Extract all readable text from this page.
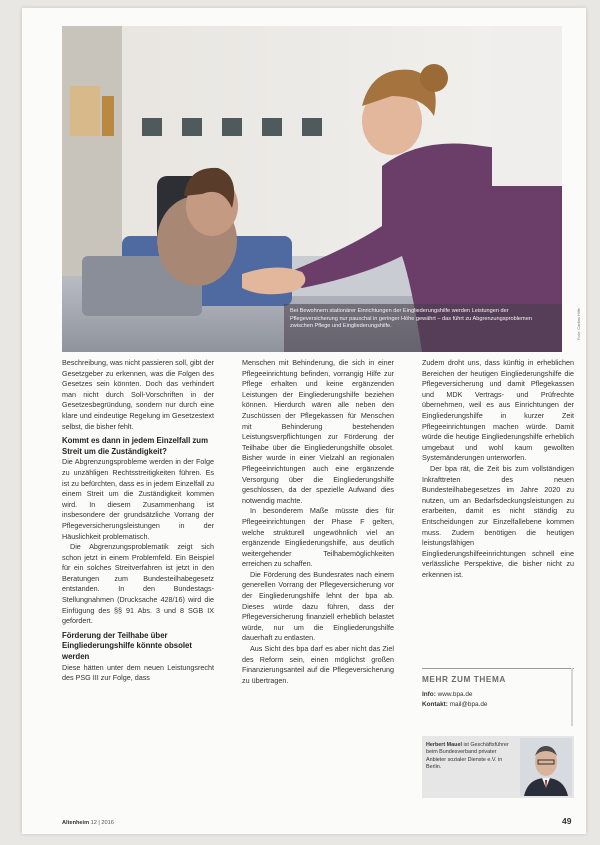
Bei Bewohnern stationärer Einrichtungen der Eingliederungshilfe werden Leistungen der Pflegeversicherung nur pauschal in geringer Höhe gewährt – das führt zu Abgrenzungsproblemen zwischen Pflege und Eingliederungshilfe.	Foto: Caritas Hilfe

Beschreibung, was nicht passieren soll, gibt der Gesetzgeber zu erkennen, was die Folgen des Gesetzes sein könnten. Doch das verhindert man nicht durch Soll-Vorschriften in der Gesetzesbegründung, sondern nur durch eine klare und eindeutige Regelung im Gesetzestext selbst, die bisher fehlt.

Kommt es dann in jedem Einzelfall zum Streit um die Zuständigkeit?

Die Abgrenzungsprobleme werden in der Folge zu unzähligen Rechtsstreitigkeiten führen. Es ist zu befürchten, dass es in jedem Einzelfall zu einem Streit um die Zuständigkeit kommen wird. In diesem Zusammenhang ist insbesondere der grundsätzliche Vorrang der Pflegeversicherungsleistungen in der Häuslichkeit problematisch.

Die Abgrenzungsproblematik zeigt sich schon jetzt in einem Problemfeld. Ein Beispiel für ein solches Streitverfahren ist jetzt in den Beratungen zum Bundesteilhabegesetz entstanden. In den Bundestags-Stellungnahmen (Drucksache 428/16) wird die Einfügung des §§ 91 Abs. 3 und 8 SGB IX gefordert.

Förderung der Teilhabe über Eingliederungshilfe könnte obsolet werden

Diese hätten unter dem neuen Leistungsrecht des PSG III zur Folge, dass

Menschen mit Behinderung, die sich in einer Pflegeeinrichtung befinden, vorrangig Hilfe zur Pflege erhalten und keine ergänzenden Leistungen der Eingliederungshilfe beziehen können. Hierdurch wären alle neben den Zuschüssen der Pflegekassen für Menschen mit Behinderung bestehenden Leistungsverpflichtungen zur Förderung der Teilhabe über die Eingliederungshilfe obsolet. Bisher wurde in einer Vielzahl an regionalen Pflegeeinrichtungen auch eine ergänzende Versorgung über die Eingliederungshilfe geschlossen, da der spezielle Aufwand dies notwendig machte.

In besonderem Maße müsste dies für Pflegeeinrichtungen der Phase F gelten, welche strukturell ungewöhnlich viel an ergänzende Eingliederungshilfe, aus deutlich weitergehender Teilhabemöglichkeiten erreichen zu schaffen.

Die Förderung des Bundesrates nach einem generellen Vorrang der Pflegeversicherung vor der Eingliederungshilfe lehnt der bpa ab. Dieses würde dazu führen, dass der Pflegeversicherung finanziell erheblich belastet würde, nur um die Eingliederungshilfe dauerhaft zu entlasten.

Aus Sicht des bpa darf es aber nicht das Ziel des Reform sein, einen möglichst großen Finanzierungsanteil auf die Pflegeversicherung zu übertragen.

Zudem droht uns, dass künftig in erheblichen Bereichen der heutigen Eingliederungshilfe die Pflegeversicherung und damit Pflegekassen und MDK Vertrags- und Prüfrechte übernehmen, weil es aus Einrichtungen der Eingliederungshilfe in kurzer Zeit Pflegeeinrichtungen machen würde. Damit würde die heutige Eingliederungshilfe erheblich umgebaut und wohl kaum gewollten Systemänderungen unterworfen.

Der bpa rät, die Zeit bis zum vollständigen Inkrafttreten des neuen Bundesteilhabegesetzes im Jahre 2020 zu nutzen, um an Bedarfsdeckungsleistungen zu erarbeiten, damit es nicht ständig zu Entscheidungen zur Einzelfallebene kommen muss. Zudem benötigen die heutigen leistungsfähigen Eingliederungshilfeeinrichtungen schnell eine verlässliche Perspektive, die bisher nicht zu erkennen ist.

MEHR ZUM THEMA
Info: www.bpa.de
Kontakt: mail@bpa.de
Herbert Mauel ist Geschäftsführer beim Bundesverband privater Anbieter sozialer Dienste e.V. in Berlin.
Altenheim 12 | 2016	49
